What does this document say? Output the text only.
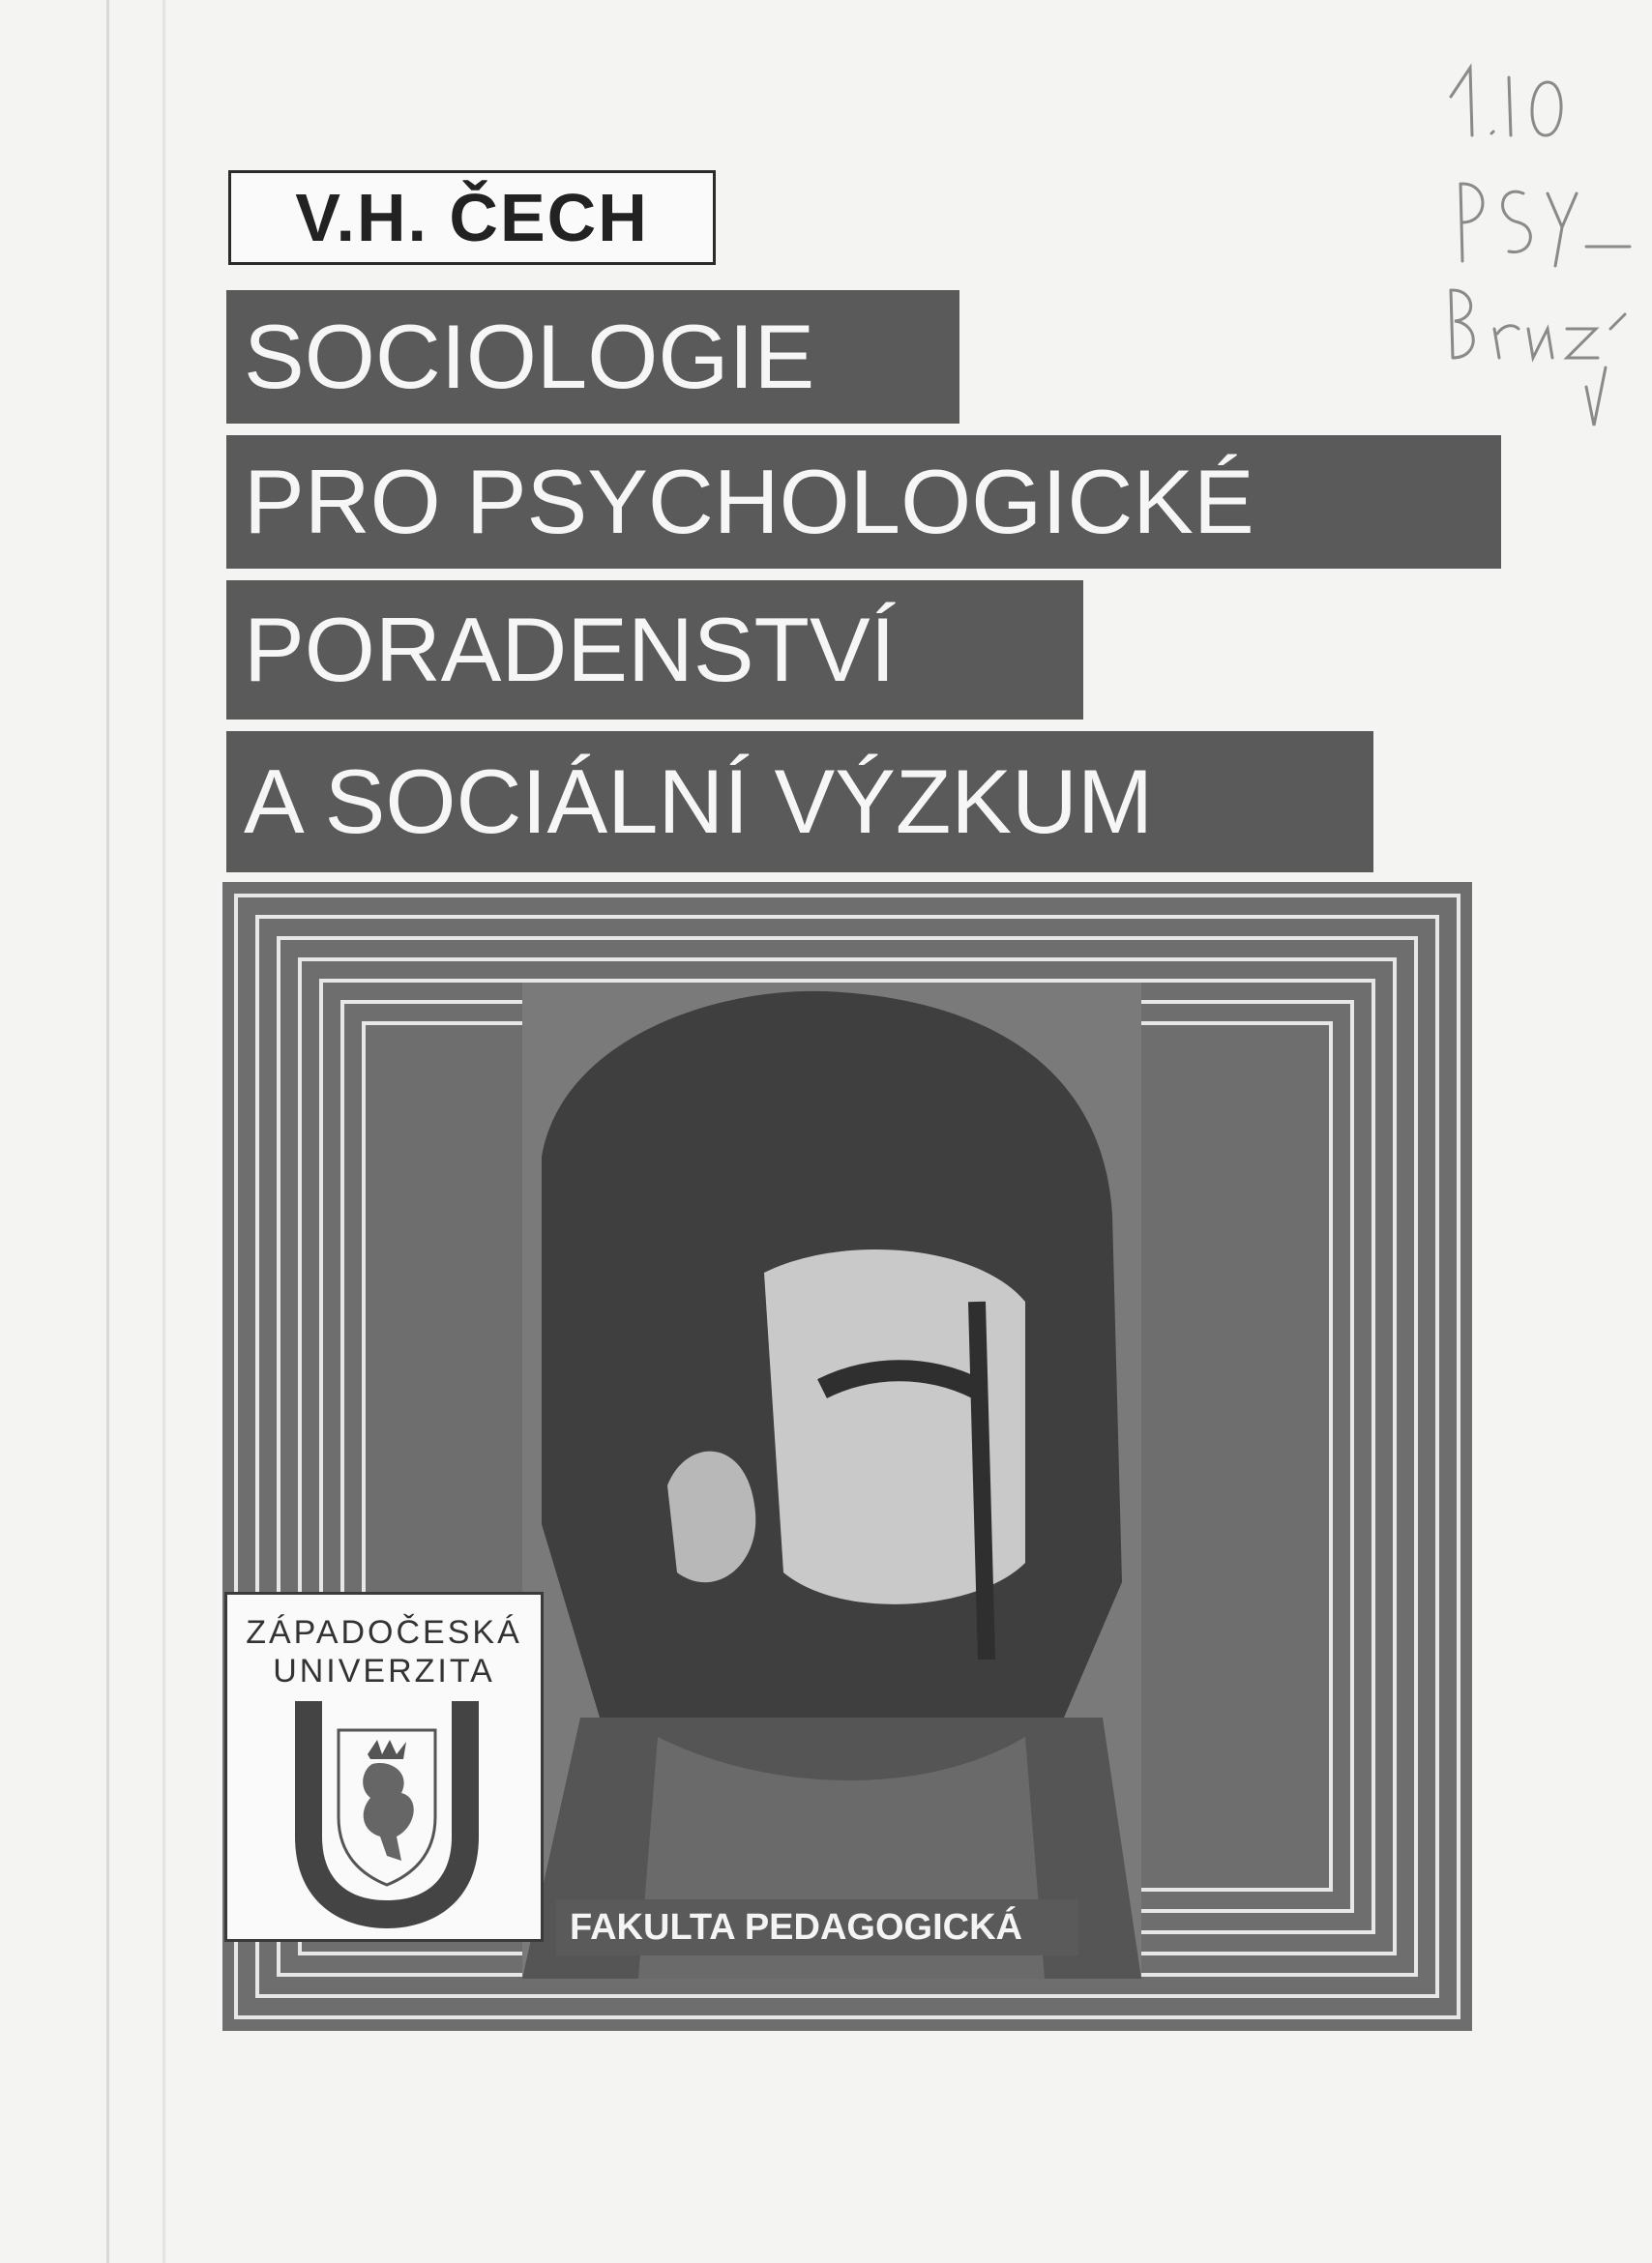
V.H. ČECH
SOCIOLOGIE
PRO PSYCHOLOGICKÉ
PORADENSTVÍ
A SOCIÁLNÍ VÝZKUM
ZÁPADOČESKÁ
UNIVERZITA
FAKULTA PEDAGOGICKÁ
